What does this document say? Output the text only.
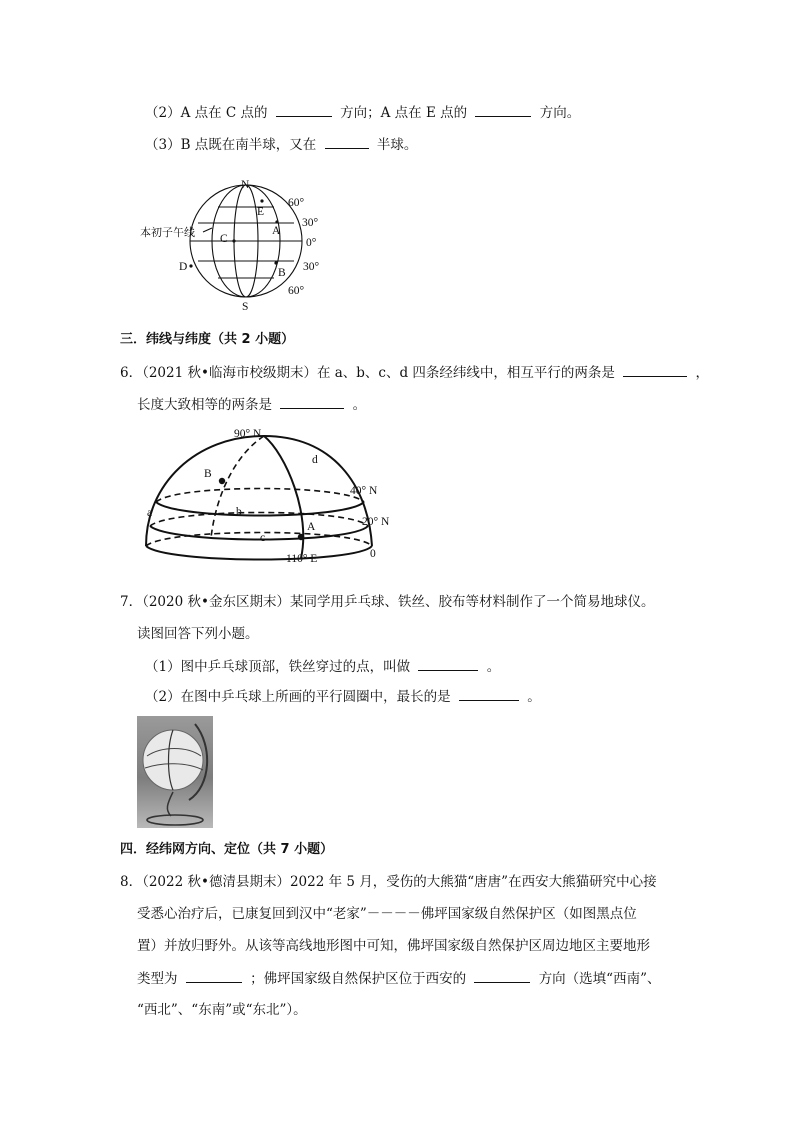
（2）A 点在 C 点的	方向；A 点在 E 点的	方向。
（3）B 点既在南半球，又在	半球。
N
S
60°
30°
0°
30°
60°
本初子午线 C
A
E
D	B
三．纬线与纬度（共 2 小题）
6．（2021 秋•临海市校级期末）在 a、b、c、d 四条经纬线中，相互平行的两条是	，
长度大致相等的两条是	。
90° N
40° N
20° N
0
110° E
A
B
a	b
c
d
7．（2020 秋•金东区期末）某同学用乒乓球、铁丝、胶布等材料制作了一个简易地球仪。
读图回答下列小题。
（1）图中乒乓球顶部，铁丝穿过的点，叫做	。
（2）在图中乒乓球上所画的平行圆圈中，最长的是	。
四．经纬网方向、定位（共 7 小题）
8．（2022 秋•德清县期末）2022 年 5 月，受伤的大熊猫“唐唐”在西安大熊猫研究中心接
受悉心治疗后，已康复回到汉中“老家”－－－－佛坪国家级自然保护区（如图黑点位
置）并放归野外。从该等高线地形图中可知，佛坪国家级自然保护区周边地区主要地形
类型为	；佛坪国家级自然保护区位于西安的	方向（选填“西南”、
“西北”、“东南”或“东北”）。
